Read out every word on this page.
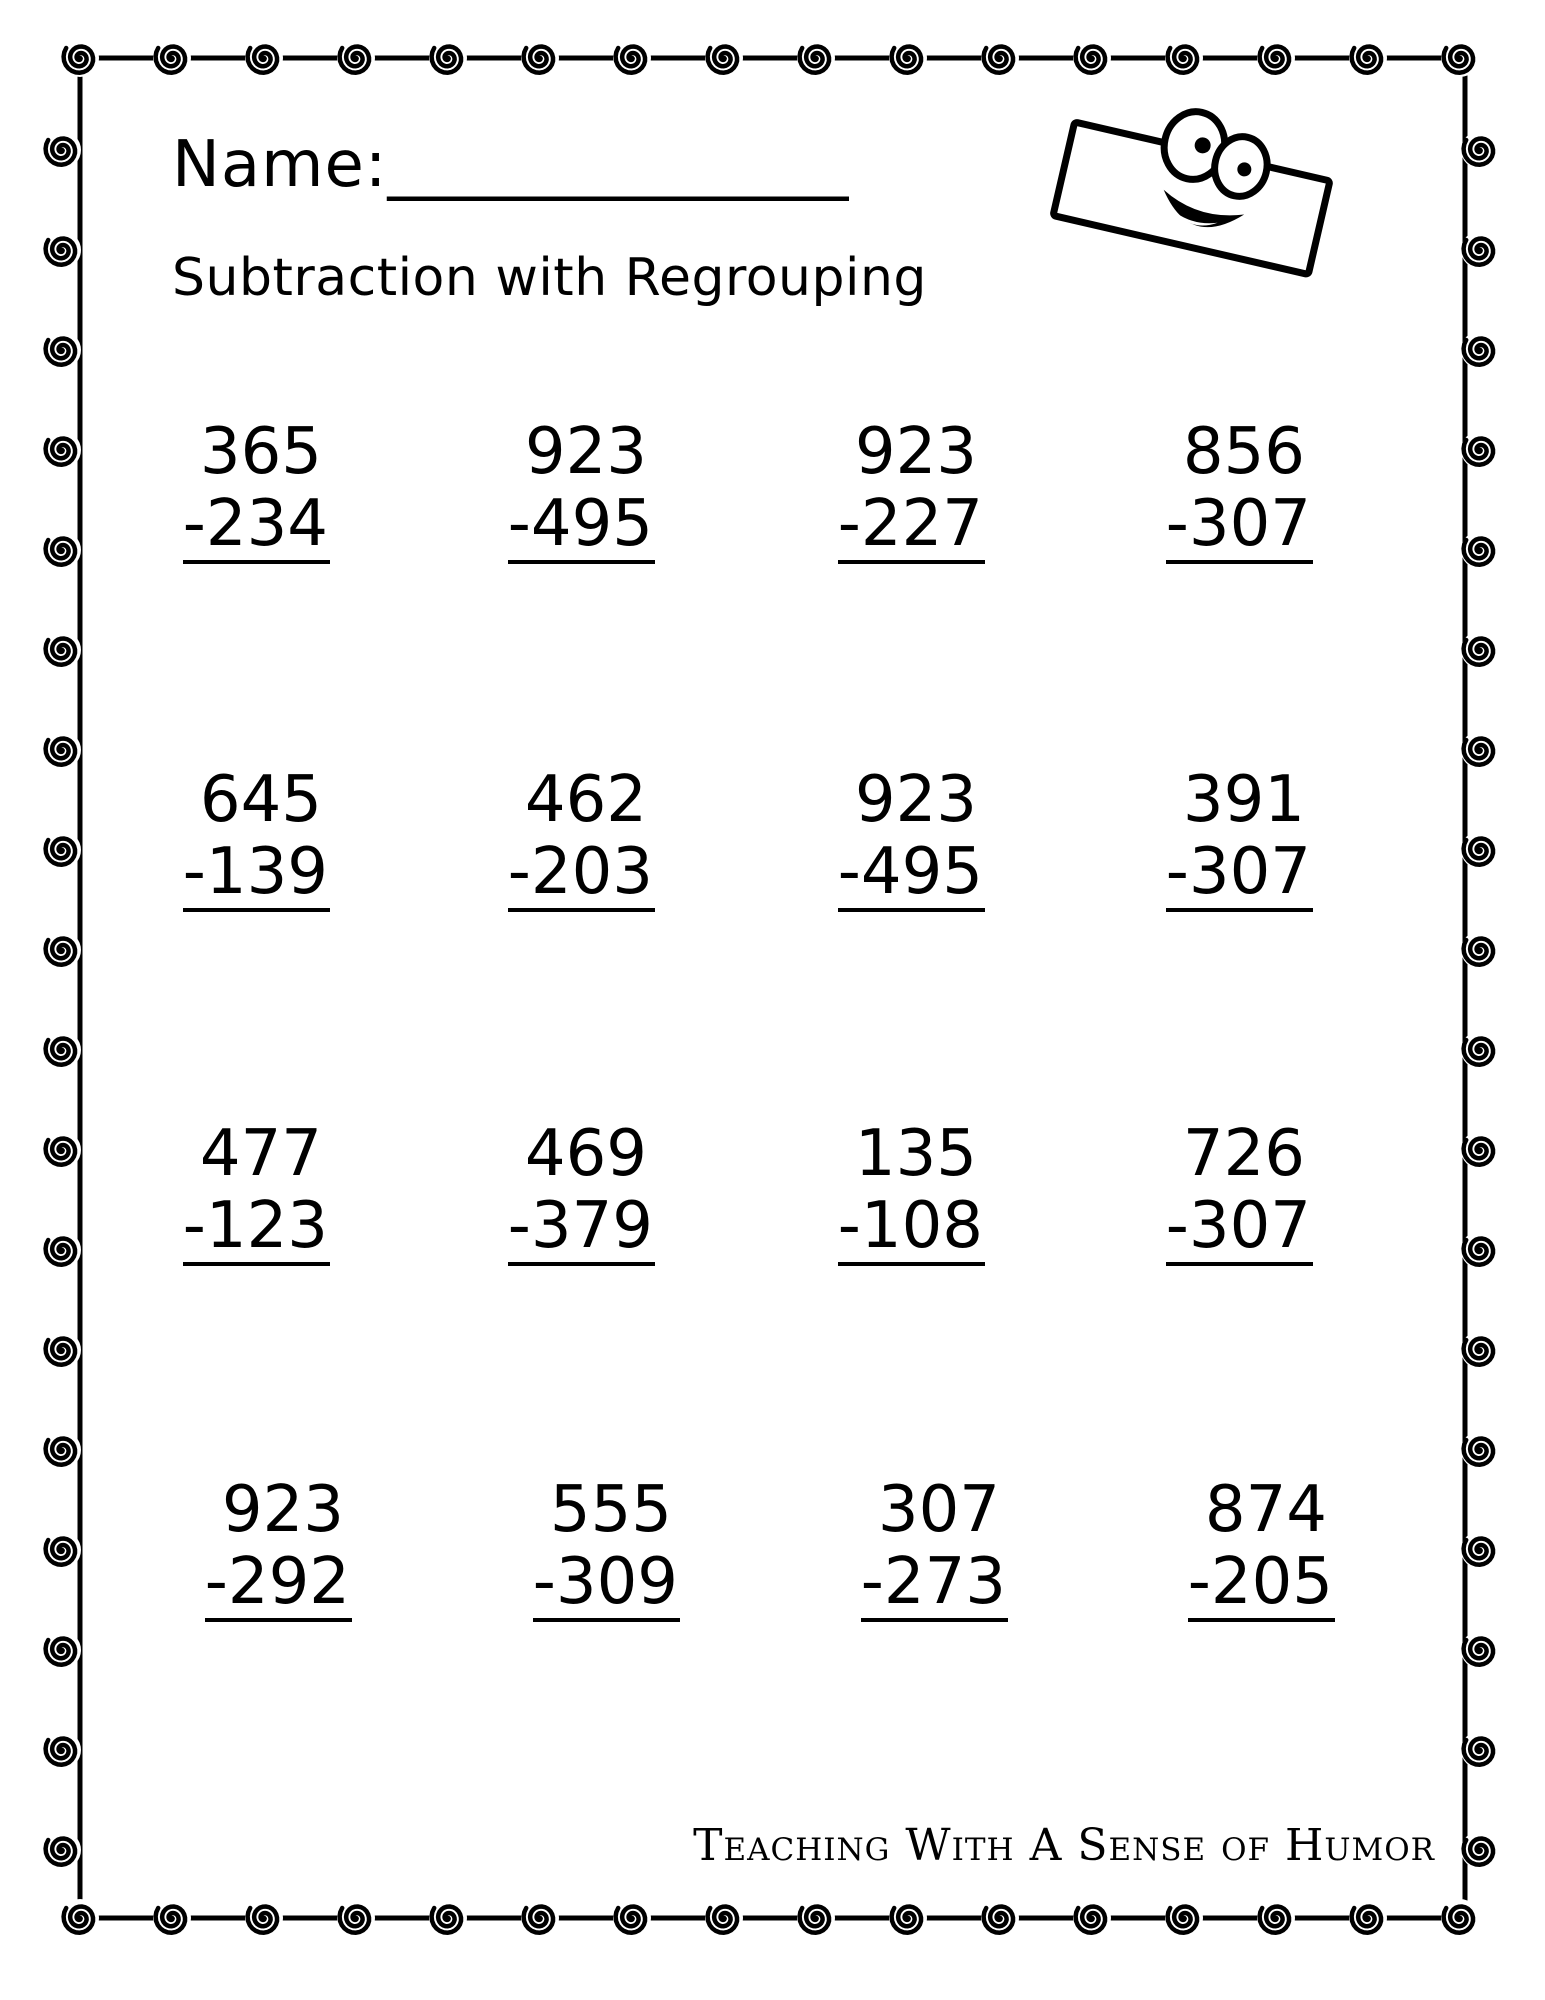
Name:______________
Subtraction with Regrouping
365
-234
923
-495
923
-227
856
-307
645
-139
462
-203
923
-495
391
-307
477
-123
469
-379
135
-108
726
-307
923
-292
555
-309
307
-273
874
-205
Teaching With A Sense of Humor
